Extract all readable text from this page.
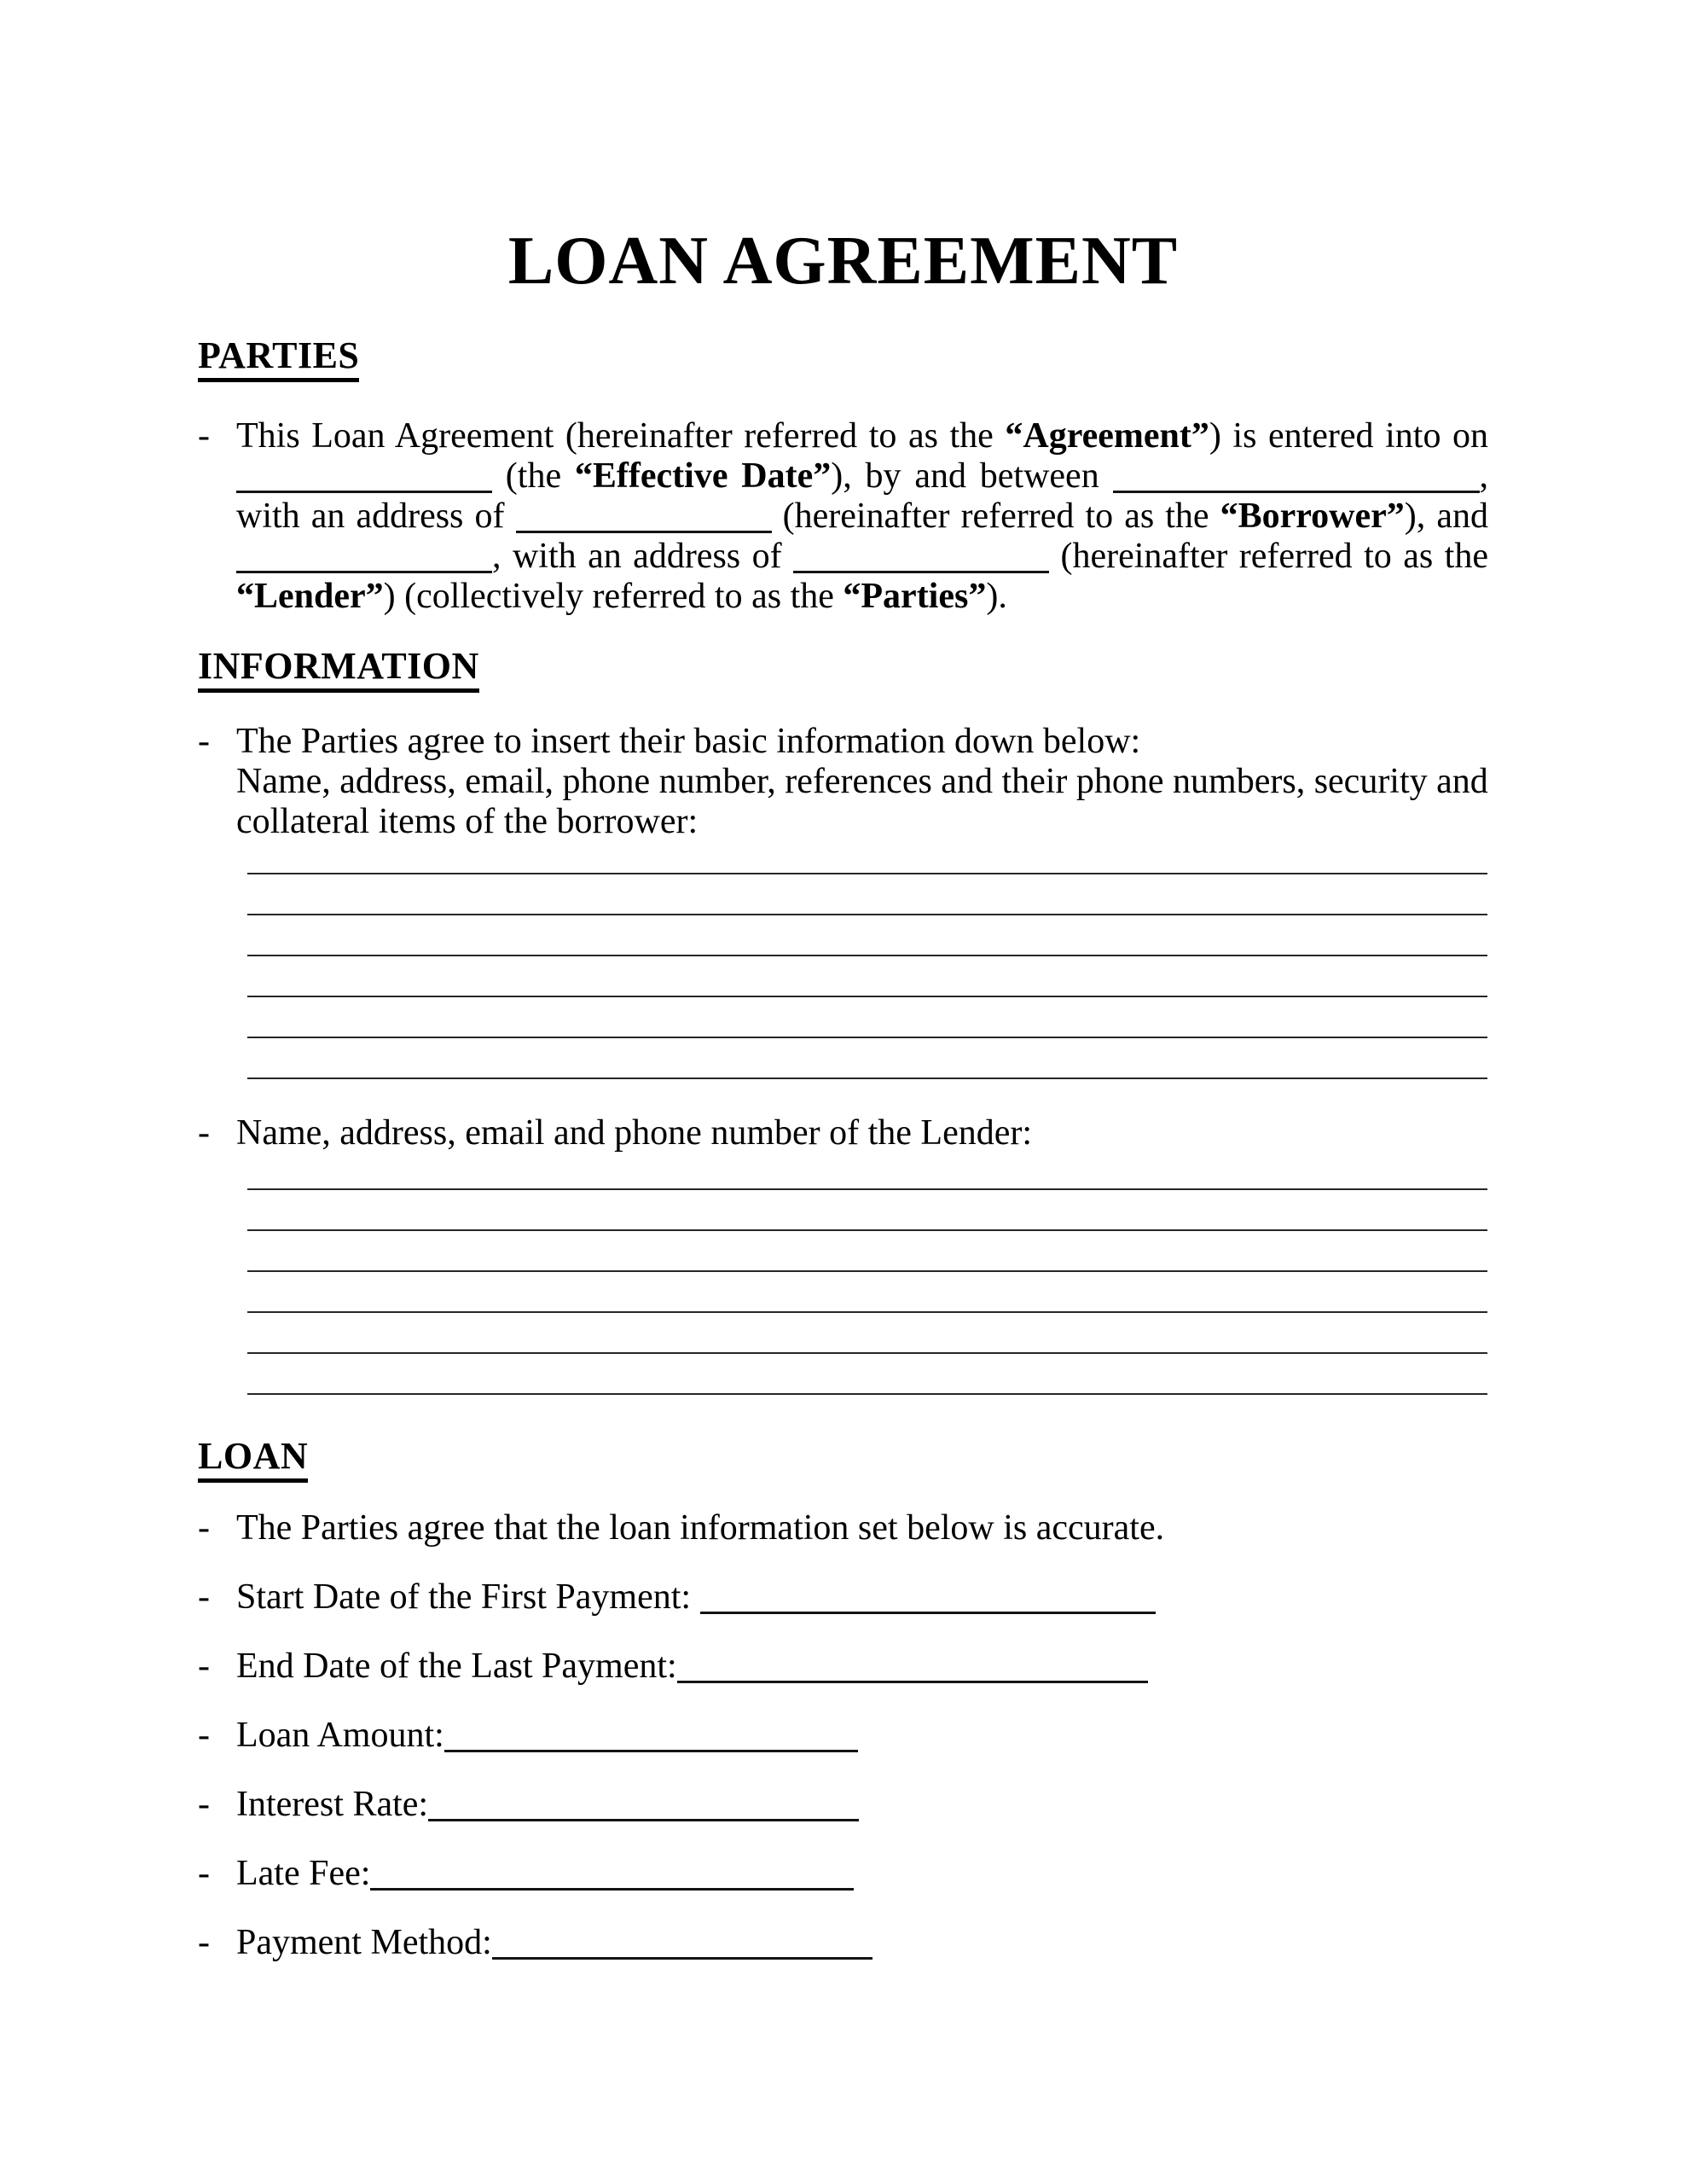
LOAN AGREEMENT
PARTIES
- This Loan Agreement (hereinafter referred to as the “Agreement”) is entered into on  (the “Effective Date”), by and between	, with an address of	(hereinafter referred to as the “Borrower”), and , with an address of	(hereinafter referred to as the “Lender”) (collectively referred to as the “Parties”).
INFORMATION
- The Parties agree to insert their basic information down below:
Name, address, email, phone number, references and their phone numbers, security and collateral items of the borrower:
- Name, address, email and phone number of the Lender:
LOAN
- The Parties agree that the loan information set below is accurate.
- Start Date of the First Payment:
- End Date of the Last Payment:
- Loan Amount:
- Interest Rate:
- Late Fee:
- Payment Method:
